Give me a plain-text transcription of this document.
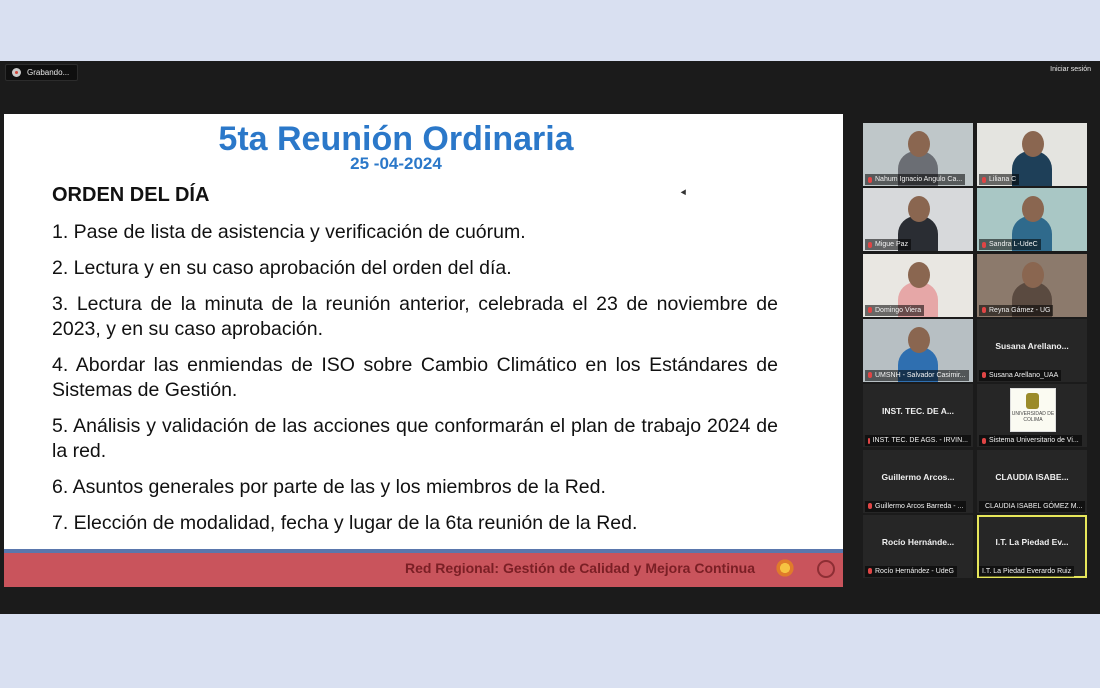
Grabando...	Iniciar sesión
5ta Reunión Ordinaria
25 -04-2024
ORDEN DEL DÍA
1. Pase de lista de asistencia y verificación de cuórum.
2. Lectura y en su caso aprobación del orden del día.
3. Lectura de la minuta de la reunión anterior, celebrada el 23 de noviembre de 2023, y en su caso aprobación.
4. Abordar las enmiendas de ISO sobre Cambio Climático en los Estándares de Sistemas de Gestión.
5. Análisis y validación de las acciones que conformarán el plan de trabajo 2024 de la red.
6. Asuntos generales por parte de las y los miembros de la Red.
7. Elección de modalidad, fecha y lugar de la 6ta reunión de la Red.
Red Regional: Gestión de Calidad y Mejora Continua
Nahum Ignacio Angulo Ca...	Liliana C
Migue Paz	Sandra L-UdeC
Domingo Viera	Reyna Gámez - UG
UMSNH - Salvador Casimir...
Susana Arellano...
Susana Arellano_UAA
INST. TEC. DE A...
INST. TEC. DE AGS. - IRVIN...
UNIVERSIDAD DE COLIMA
Sistema Universitario de Vi...
Guillermo Arcos...
Guillermo Arcos Barreda - ...
CLAUDIA ISABE...
CLAUDIA ISABEL GÓMEZ M...
Rocío Hernánde...
Rocío Hernández - UdeG
I.T. La Piedad Ev...
I.T. La Piedad Everardo Ruiz
